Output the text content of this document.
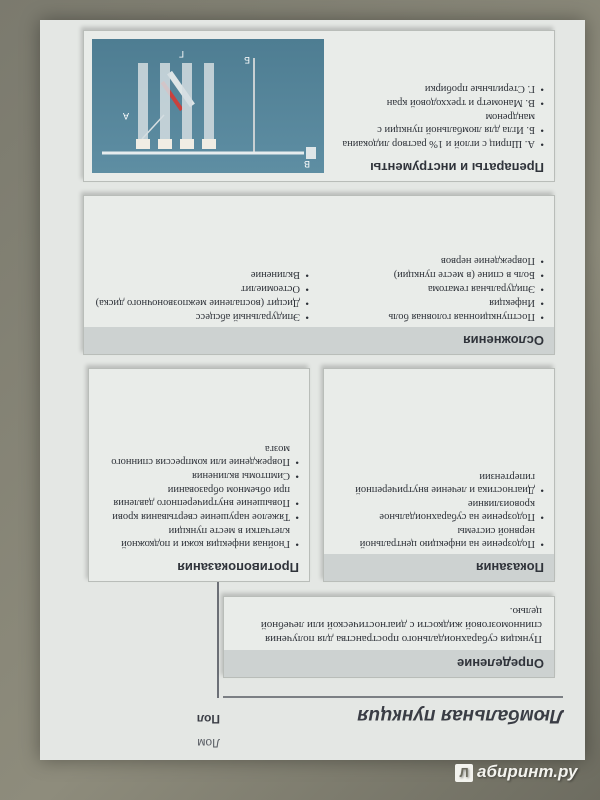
Лом
Пол	Люмбальная пункция
Определение

Пункция субарахноидального пространства для получения спинномозговой жидкости с диагностической или лечебной целью.

Показания
• Подозрение на инфекцию центральной нервной системы
• Подозрение на субарахноидальное кровоизлияние
• Диагностика и лечение внутричерепной гипертензии
Противопоказания
• Гнойная инфекция кожи и подкожной клетчатки в месте пункции
• Тяжелое нарушение свертывания крови
• Повышение внутричерепного давления при объемном образовании
• Симптомы вклинения
• Повреждение или компрессия спинного мозга
Осложнения
• Постпункционная головная боль
• Инфекция
• Эпидуральная гематома
• Боль в спине (в месте пункции)
• Повреждение нервов
• Эпидуральный абсцесс
• Дисцит (воспаление межпозвоночного диска)
• Остеомиелит
• Вклинение
Препараты и инструменты
• А. Шприц с иглой и 1% раствор лидокаина
• Б. Игла для люмбальной пункции с мандреном
• В. Манометр и трехходовой кран
• Г. Стерильные пробирки
А
Б
В
Г
Л абиринт.ру
